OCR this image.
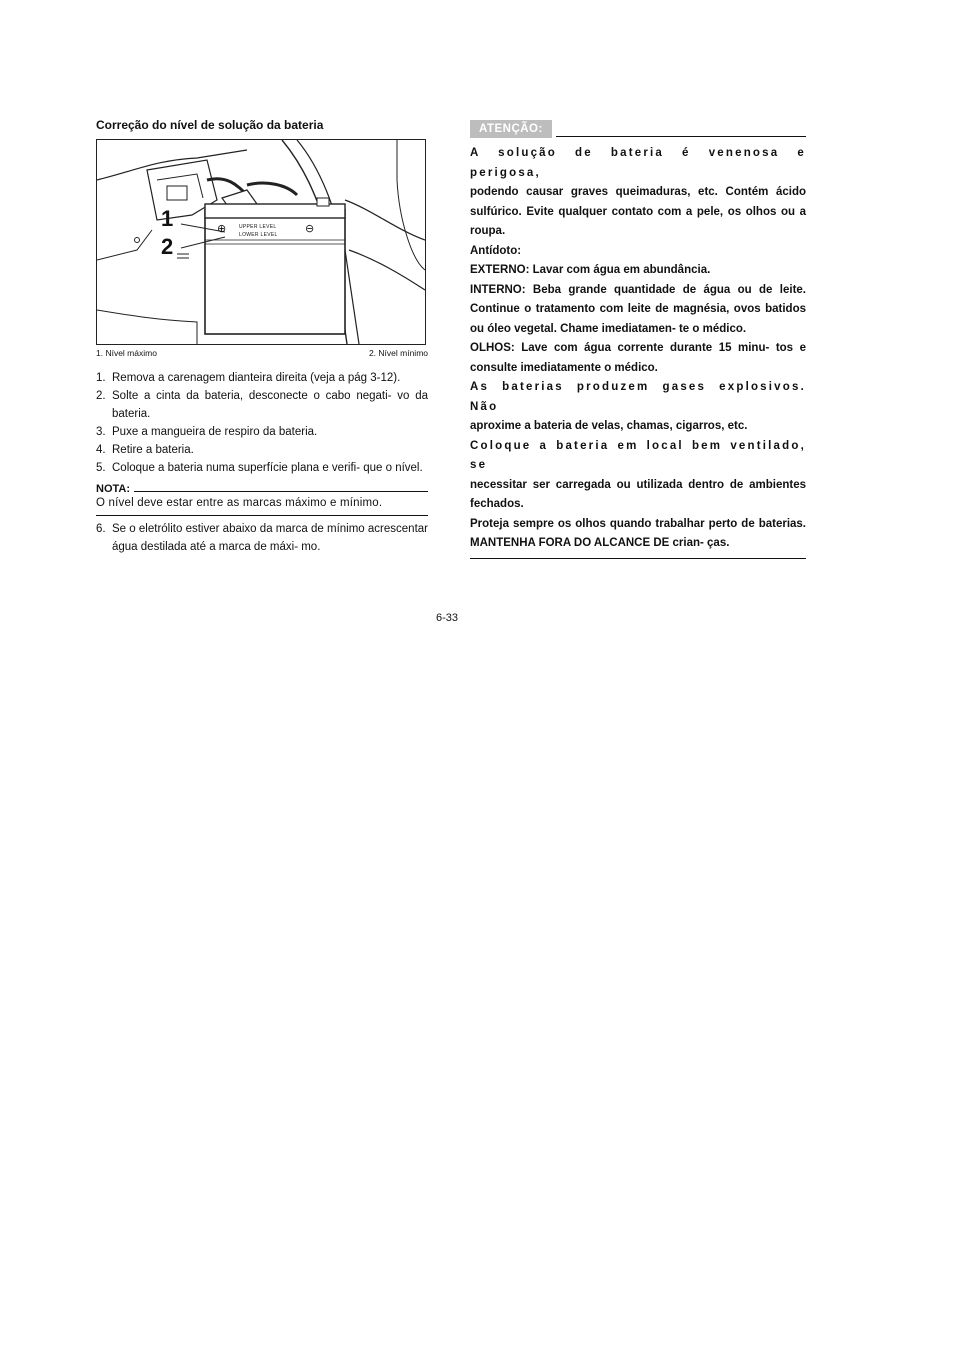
Correção do nível de solução da bateria
1
2
⊕	⊖
UPPER LEVEL
LOWER LEVEL
1. Nível máximo	2. Nível mínimo
1. Remova a carenagem dianteira direita (veja a pág 3-12).
2. Solte a cinta da bateria, desconecte o cabo negati- vo da bateria.
3. Puxe a mangueira de respiro da bateria.
4. Retire a bateria.
5. Coloque a bateria numa superfície plana e verifi- que o nível.
NOTA:
O nível deve estar entre as marcas máximo e mínimo.
6. Se o eletrólito estiver abaixo da marca de mínimo acrescentar água destilada até a marca de máxi- mo.
ATENÇÃO:

A solução de bateria é venenosa e perigosa,

podendo causar graves queimaduras, etc. Contém ácido sulfúrico. Evite qualquer contato com a pele, os olhos ou a roupa.

Antídoto:

EXTERNO: Lavar com água em abundância.

INTERNO: Beba grande quantidade de água ou de leite. Continue o tratamento com leite de magnésia, ovos batidos ou óleo vegetal. Chame imediatamen- te o médico.

OLHOS: Lave com água corrente durante 15 minu- tos e consulte imediatamente o médico.

As baterias produzem gases explosivos. Não

aproxime a bateria de velas, chamas, cigarros, etc.

Coloque a bateria em local bem ventilado, se

necessitar ser carregada ou utilizada dentro de ambientes fechados.

Proteja sempre os olhos quando trabalhar perto de baterias. MANTENHA FORA DO ALCANCE DE crian- ças.

6-33
